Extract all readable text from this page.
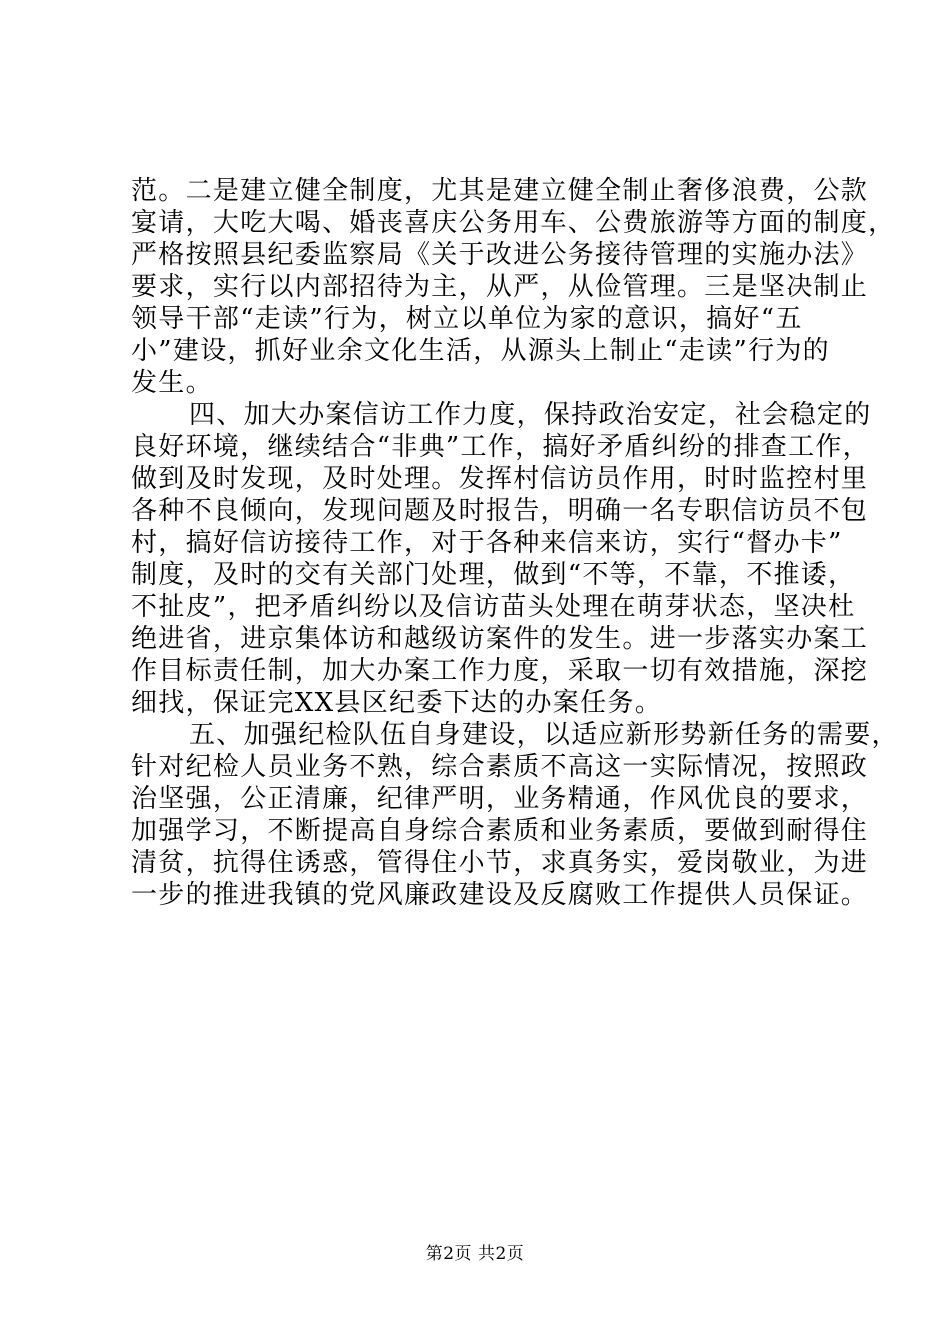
范。二是建立健全制度，尤其是建立健全制止奢侈浪费，公款
宴请，大吃大喝、婚丧喜庆公务用车、公费旅游等方面的制度，
严格按照县纪委监察局《关于改进公务接待管理的实施办法》
要求，实行以内部招待为主，从严，从俭管理。三是坚决制止
领导干部“走读”行为，树立以单位为家的意识，搞好“五
小”建设，抓好业余文化生活，从源头上制止“走读”行为的
发生。
四、加大办案信访工作力度，保持政治安定，社会稳定的
良好环境，继续结合“非典”工作，搞好矛盾纠纷的排查工作，
做到及时发现，及时处理。发挥村信访员作用，时时监控村里
各种不良倾向，发现问题及时报告，明确一名专职信访员不包
村，搞好信访接待工作，对于各种来信来访，实行“督办卡”
制度，及时的交有关部门处理，做到“不等，不靠，不推诿，
不扯皮”，把矛盾纠纷以及信访苗头处理在萌芽状态，坚决杜
绝进省，进京集体访和越级访案件的发生。进一步落实办案工
作目标责任制，加大办案工作力度，采取一切有效措施，深挖
细找，保证完XX县区纪委下达的办案任务。
五、加强纪检队伍自身建设，以适应新形势新任务的需要，
针对纪检人员业务不熟，综合素质不高这一实际情况，按照政
治坚强，公正清廉，纪律严明，业务精通，作风优良的要求，
加强学习，不断提高自身综合素质和业务素质，要做到耐得住
清贫，抗得住诱惑，管得住小节，求真务实，爱岗敬业，为进
一步的推进我镇的党风廉政建设及反腐败工作提供人员保证。
第2页 共2页
